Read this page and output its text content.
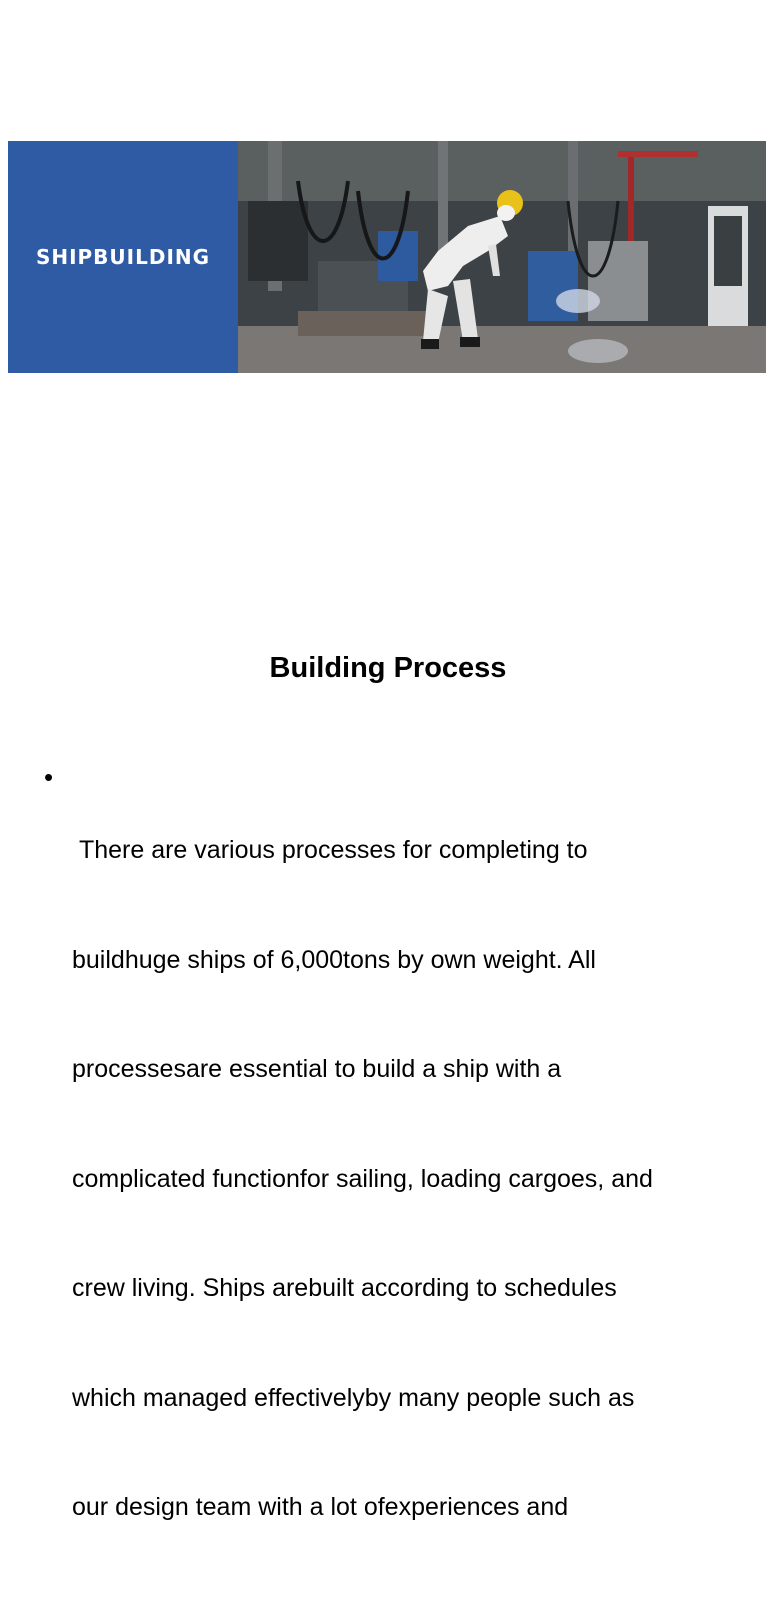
SHIPBUILDING
Building Process
•

There are various processes for completing to

buildhuge ships of 6,000tons by own weight. All

processesare essential to build a ship with a

complicated functionfor sailing, loading cargoes, and

crew living. Ships arebuilt according to schedules

which managed effectivelyby many people such as

our design team with a lot ofexperiences and
